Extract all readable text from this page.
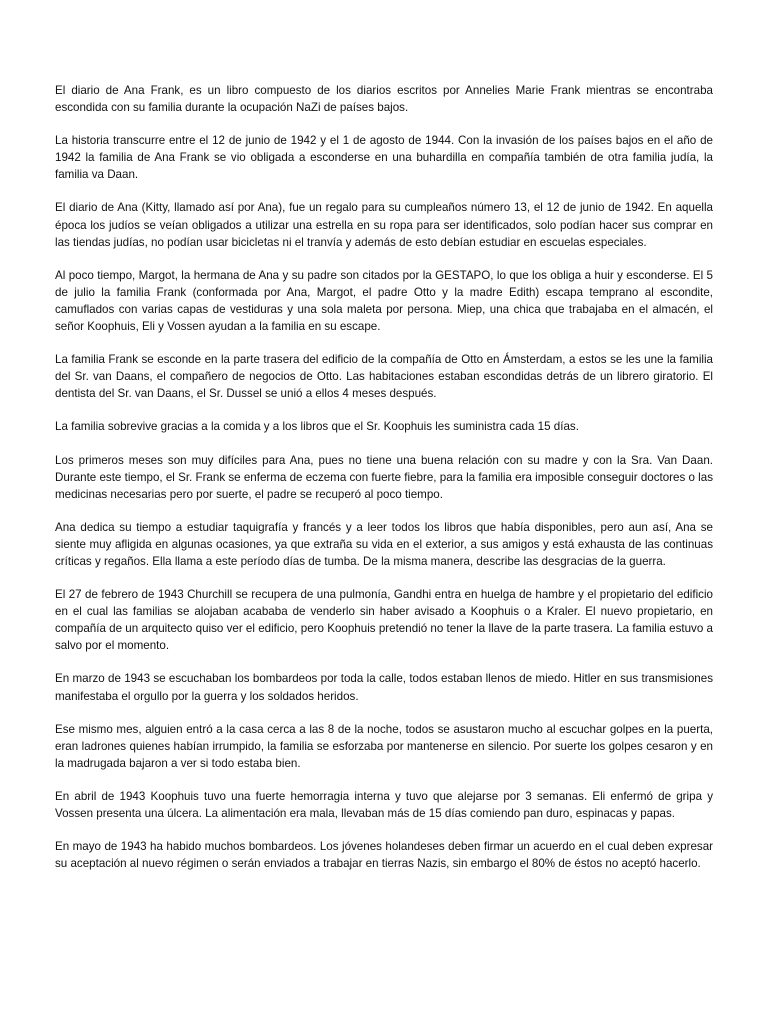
El diario de Ana Frank, es un libro compuesto de los diarios escritos por Annelies Marie Frank mientras se encontraba escondida con su familia durante la ocupación NaZi de países bajos.

La historia transcurre entre el 12 de junio de 1942 y el 1 de agosto de 1944. Con la invasión de los países bajos en el año de 1942 la familia de Ana Frank se vio obligada a esconderse en una buhardilla en compañía también de otra familia judía, la familia va Daan.

El diario de Ana (Kitty, llamado así por Ana), fue un regalo para su cumpleaños número 13, el 12 de junio de 1942. En aquella época los judíos se veían obligados a utilizar una estrella en su ropa para ser identificados, solo podían hacer sus comprar en las tiendas judías, no podían usar bicicletas ni el tranvía y además de esto debían estudiar en escuelas especiales.

Al poco tiempo, Margot, la hermana de Ana y su padre son citados por la GESTAPO, lo que los obliga a huir y esconderse. El 5 de julio la familia Frank (conformada por Ana, Margot, el padre Otto y la madre Edith) escapa temprano al escondite, camuflados con varias capas de vestiduras y una sola maleta por persona. Miep, una chica que trabajaba en el almacén, el señor Koophuis, Eli y Vossen ayudan a la familia en su escape.

La familia Frank se esconde en la parte trasera del edificio de la compañía de Otto en Ámsterdam, a estos se les une la familia del Sr. van Daans, el compañero de negocios de Otto. Las habitaciones estaban escondidas detrás de un librero giratorio. El dentista del Sr. van Daans, el Sr. Dussel se unió a ellos 4 meses después.

La familia sobrevive gracias a la comida y a los libros que el Sr. Koophuis les suministra cada 15 días.

Los primeros meses son muy difíciles para Ana, pues no tiene una buena relación con su madre y con la Sra. Van Daan. Durante este tiempo, el Sr. Frank se enferma de eczema con fuerte fiebre, para la familia era imposible conseguir doctores o las medicinas necesarias pero por suerte, el padre se recuperó al poco tiempo.

Ana dedica su tiempo a estudiar taquigrafía y francés y a leer todos los libros que había disponibles, pero aun así, Ana se siente muy afligida en algunas ocasiones, ya que extraña su vida en el exterior, a sus amigos y está exhausta de las continuas críticas y regaños. Ella llama a este período días de tumba. De la misma manera, describe las desgracias de la guerra.

El 27 de febrero de 1943 Churchill se recupera de una pulmonía, Gandhi entra en huelga de hambre y el propietario del edificio en el cual las familias se alojaban acababa de venderlo sin haber avisado a Koophuis o a Kraler. El nuevo propietario, en compañía de un arquitecto quiso ver el edificio, pero Koophuis pretendió no tener la llave de la parte trasera. La familia estuvo a salvo por el momento.

En marzo de 1943 se escuchaban los bombardeos por toda la calle, todos estaban llenos de miedo. Hitler en sus transmisiones manifestaba el orgullo por la guerra y los soldados heridos.

Ese mismo mes, alguien entró a la casa cerca a las 8 de la noche, todos se asustaron mucho al escuchar golpes en la puerta, eran ladrones quienes habían irrumpido, la familia se esforzaba por mantenerse en silencio. Por suerte los golpes cesaron y en la madrugada bajaron a ver si todo estaba bien.

En abril de 1943 Koophuis tuvo una fuerte hemorragia interna y tuvo que alejarse por 3 semanas. Eli enfermó de gripa y Vossen presenta una úlcera. La alimentación era mala, llevaban más de 15 días comiendo pan duro, espinacas y papas.

En mayo de 1943 ha habido muchos bombardeos. Los jóvenes holandeses deben firmar un acuerdo en el cual deben expresar su aceptación al nuevo régimen o serán enviados a trabajar en tierras Nazis, sin embargo el 80% de éstos no aceptó hacerlo.
